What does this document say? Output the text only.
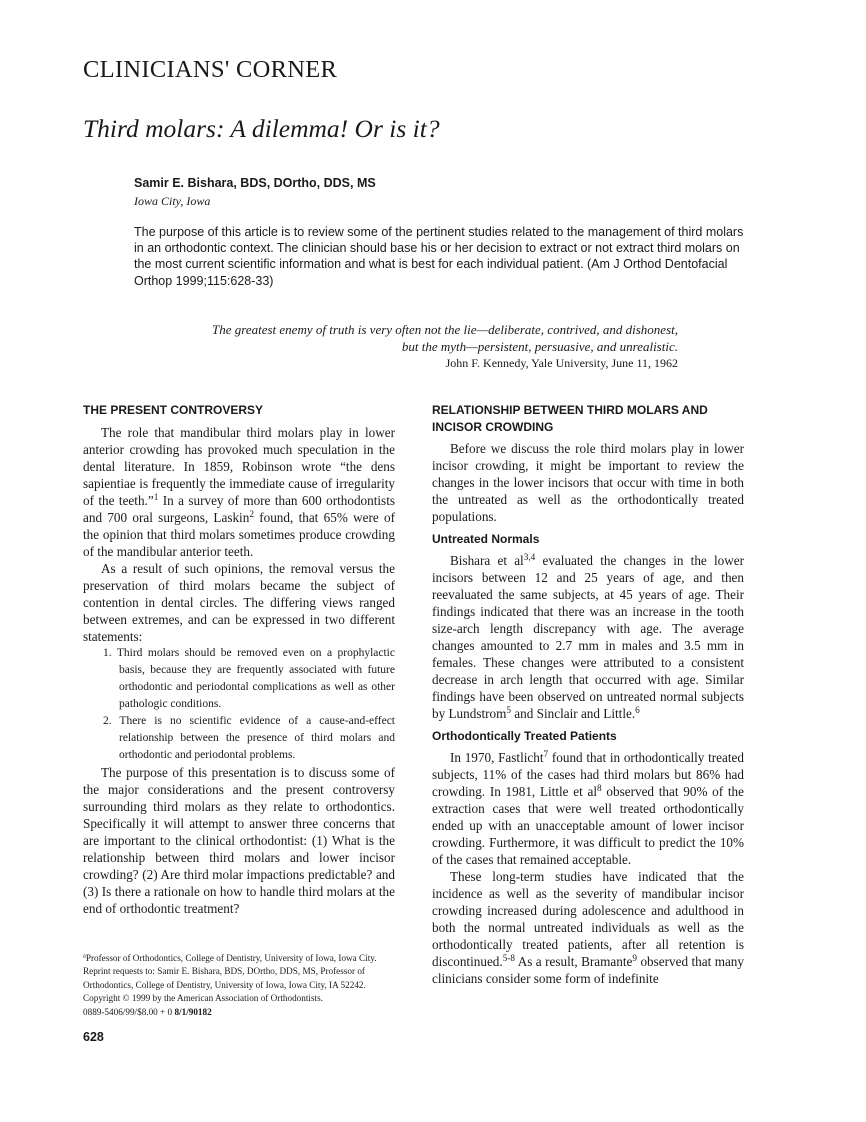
CLINICIANS' CORNER
Third molars: A dilemma! Or is it?
Samir E. Bishara, BDS, DOrtho, DDS, MS
Iowa City, Iowa
The purpose of this article is to review some of the pertinent studies related to the management of third molars in an orthodontic context. The clinician should base his or her decision to extract or not extract third molars on the most current scientific information and what is best for each individual patient. (Am J Orthod Dentofacial Orthop 1999;115:628-33)
The greatest enemy of truth is very often not the lie—deliberate, contrived, and dishonest,
but the myth—persistent, persuasive, and unrealistic.
John F. Kennedy, Yale University, June 11, 1962
THE PRESENT CONTROVERSY

The role that mandibular third molars play in lower anterior crowding has provoked much speculation in the dental literature. In 1859, Robinson wrote “the dens sapientiae is frequently the immediate cause of irregularity of the teeth.”$^1$ In a survey of more than 600 orthodontists and 700 oral surgeons, Laskin$^2$ found, that 65% were of the opinion that third molars sometimes produce crowding of the mandibular anterior teeth.

As a result of such opinions, the removal versus the preservation of third molars became the subject of contention in dental circles. The differing views ranged between extremes, and can be expressed in two different statements:

1. Third molars should be removed even on a prophylactic basis, because they are frequently associated with future orthodontic and periodontal complications as well as other pathologic conditions.
2. There is no scientific evidence of a cause-and-effect relationship between the presence of third molars and orthodontic and periodontal problems.

The purpose of this presentation is to discuss some of the major considerations and the present controversy surrounding third molars as they relate to orthodontics. Specifically it will attempt to answer three concerns that are important to the clinical orthodontist: (1) What is the relationship between third molars and lower incisor crowding? (2) Are third molar impactions predictable? and (3) Is there a rationale on how to handle third molars at the end of orthodontic treatment?

RELATIONSHIP BETWEEN THIRD MOLARS AND INCISOR CROWDING

Before we discuss the role third molars play in lower incisor crowding, it might be important to review the changes in the lower incisors that occur with time in both the untreated as well as the orthodontically treated populations.

Untreated Normals

Bishara et al$^{3,4}$ evaluated the changes in the lower incisors between 12 and 25 years of age, and then reevaluated the same subjects, at 45 years of age. Their findings indicated that there was an increase in the tooth size-arch length discrepancy with age. The average changes amounted to 2.7 mm in males and 3.5 mm in females. These changes were attributed to a consistent decrease in arch length that occurred with age. Similar findings have been observed on untreated normal subjects by Lundstrom$^5$ and Sinclair and Little.$^6$

Orthodontically Treated Patients

In 1970, Fastlicht$^7$ found that in orthodontically treated subjects, 11% of the cases had third molars but 86% had crowding. In 1981, Little et $al^8$ observed that 90% of the extraction cases that were well treated orthodontically ended up with an unacceptable amount of lower incisor crowding. Furthermore, it was difficult to predict the 10% of the cases that remained acceptable.

These long-term studies have indicated that the incidence as well as the severity of mandibular incisor crowding increased during adolescence and adulthood in both the normal untreated individuals as well as the orthodontically treated patients, after all retention is discontinued.$^{5-8}$ As a result, Bramante$^9$ observed that many clinicians consider some form of indefinite

$^a$Professor of Orthodontics, College of Dentistry, University of Iowa, Iowa City.
Reprint requests to: Samir E. Bishara, BDS, DOrtho, DDS, MS, Professor of Orthodontics, College of Dentistry, University of Iowa, Iowa City, IA 52242.
Copyright © 1999 by the American Association of Orthodontists.
0889-5406/99/$8.00 + 0 8/1/90182
628
